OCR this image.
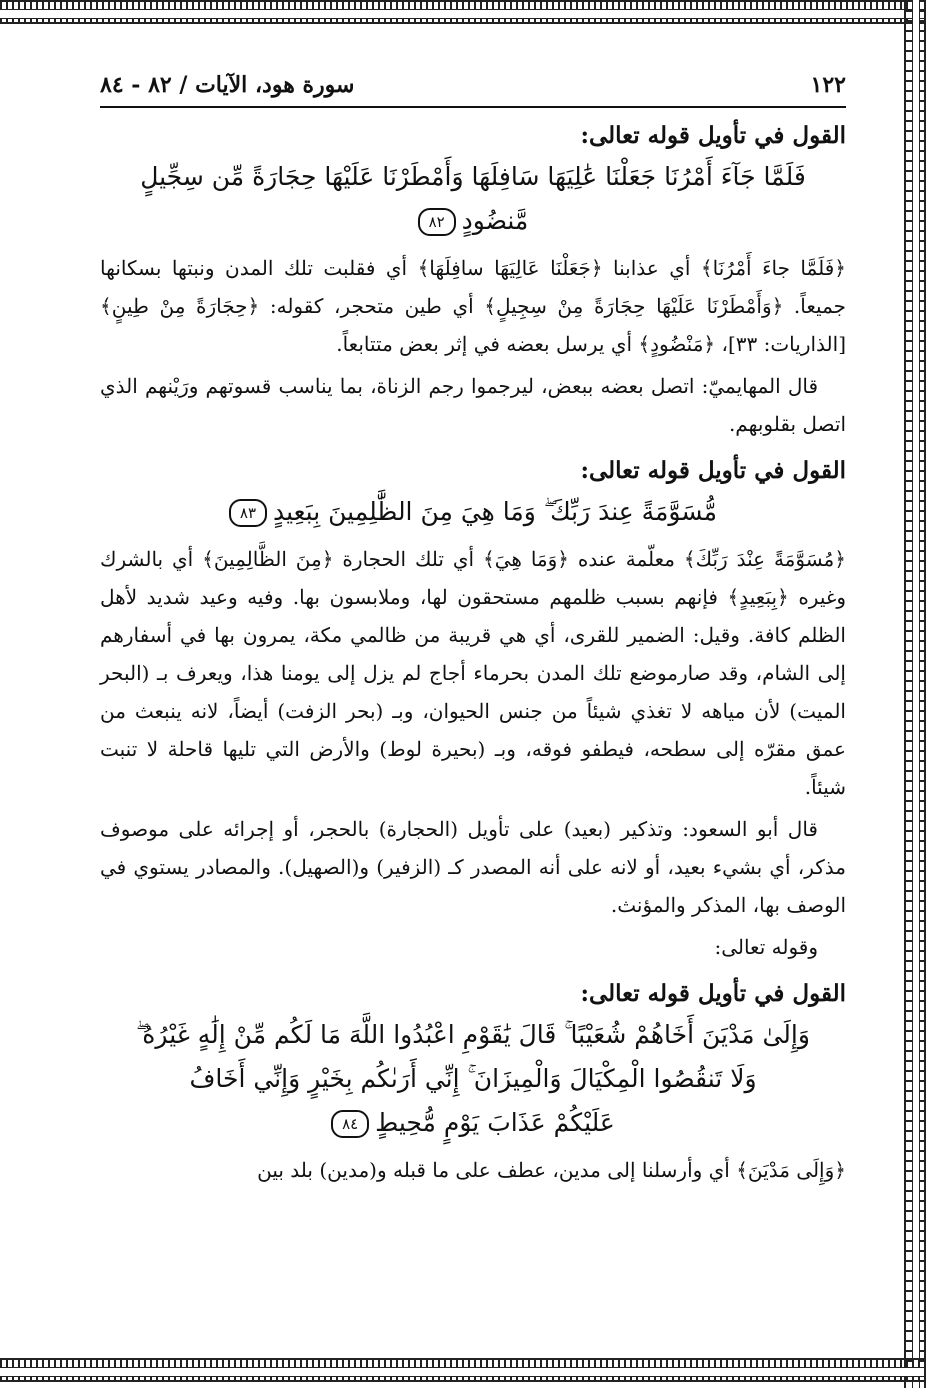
١٢٢
سورة هود، الآيات / ٨٢ - ٨٤
القول في تأويل قوله تعالى:
فَلَمَّا جَآءَ أَمْرُنَا جَعَلْنَا عَٰلِيَهَا سَافِلَهَا وَأَمْطَرْنَا عَلَيْهَا حِجَارَةً مِّن سِجِّيلٍ
مَّنضُودٍ٨٢

﴿فَلَمَّا جاءَ أَمْرُنَا﴾ أي عذابنا ﴿جَعَلْنَا عَالِيَهَا سافِلَهَا﴾ أي فقلبت تلك المدن ونبتها بسكانها جميعاً. ﴿وَأَمْطَرْنَا عَلَيْهَا حِجَارَةً مِنْ سِجِيلٍ﴾ أي طين متحجر، كقوله: ﴿حِجَارَةً مِنْ طِينٍ﴾ [الذاريات: ٣٣]، ﴿مَنْضُودٍ﴾ أي يرسل بعضه في إثر بعض متتابعاً.

قال المهايميّ: اتصل بعضه ببعض، ليرجموا رجم الزناة، بما يناسب قسوتهم ورَيْنهم الذي اتصل بقلوبهم.

القول في تأويل قوله تعالى:
مُّسَوَّمَةً عِندَ رَبِّكَ ۖ وَمَا هِيَ مِنَ الظَّٰلِمِينَ بِبَعِيدٍ٨٣

﴿مُسَوَّمَةً عِنْدَ رَبِّكَ﴾ معلّمة عنده ﴿وَمَا هِيَ﴾ أي تلك الحجارة ﴿مِنَ الظَّالِمِينَ﴾ أي بالشرك وغيره ﴿بِبَعِيدٍ﴾ فإنهم بسبب ظلمهم مستحقون لها، وملابسون بها. وفيه وعيد شديد لأهل الظلم كافة. وقيل: الضمير للقرى، أي هي قريبة من ظالمي مكة، يمرون بها في أسفارهم إلى الشام، وقد صارموضع تلك المدن بحرماء أجاج لم يزل إلى يومنا هذا، ويعرف بـ (البحر الميت) لأن مياهه لا تغذي شيئاً من جنس الحيوان، وبـ (بحر الزفت) أيضاً، لانه ينبعث من عمق مقرّه إلى سطحه، فيطفو فوقه، وبـ (بحيرة لوط) والأرض التي تليها قاحلة لا تنبت شيئاً.

قال أبو السعود: وتذكير (بعيد) على تأويل (الحجارة) بالحجر، أو إجرائه على موصوف مذكر، أي بشيء بعيد، أو لانه على أنه المصدر كـ (الزفير) و(الصهيل). والمصادر يستوي في الوصف بها، المذكر والمؤنث.

وقوله تعالى:

القول في تأويل قوله تعالى:
وَإِلَىٰ مَدْيَنَ أَخَاهُمْ شُعَيْبًا ۚ قَالَ يَٰقَوْمِ اعْبُدُوا اللَّهَ مَا لَكُم مِّنْ إِلَٰهٍ غَيْرُهُ ۖ
وَلَا تَنقُصُوا الْمِكْيَالَ وَالْمِيزَانَ ۚ إِنِّي أَرَىٰكُم بِخَيْرٍ وَإِنِّي أَخَافُ
عَلَيْكُمْ عَذَابَ يَوْمٍ مُّحِيطٍ٨٤

﴿وَإِلَى مَدْيَنَ﴾ أي وأرسلنا إلى مدين، عطف على ما قبله و(مدين) بلد بين
